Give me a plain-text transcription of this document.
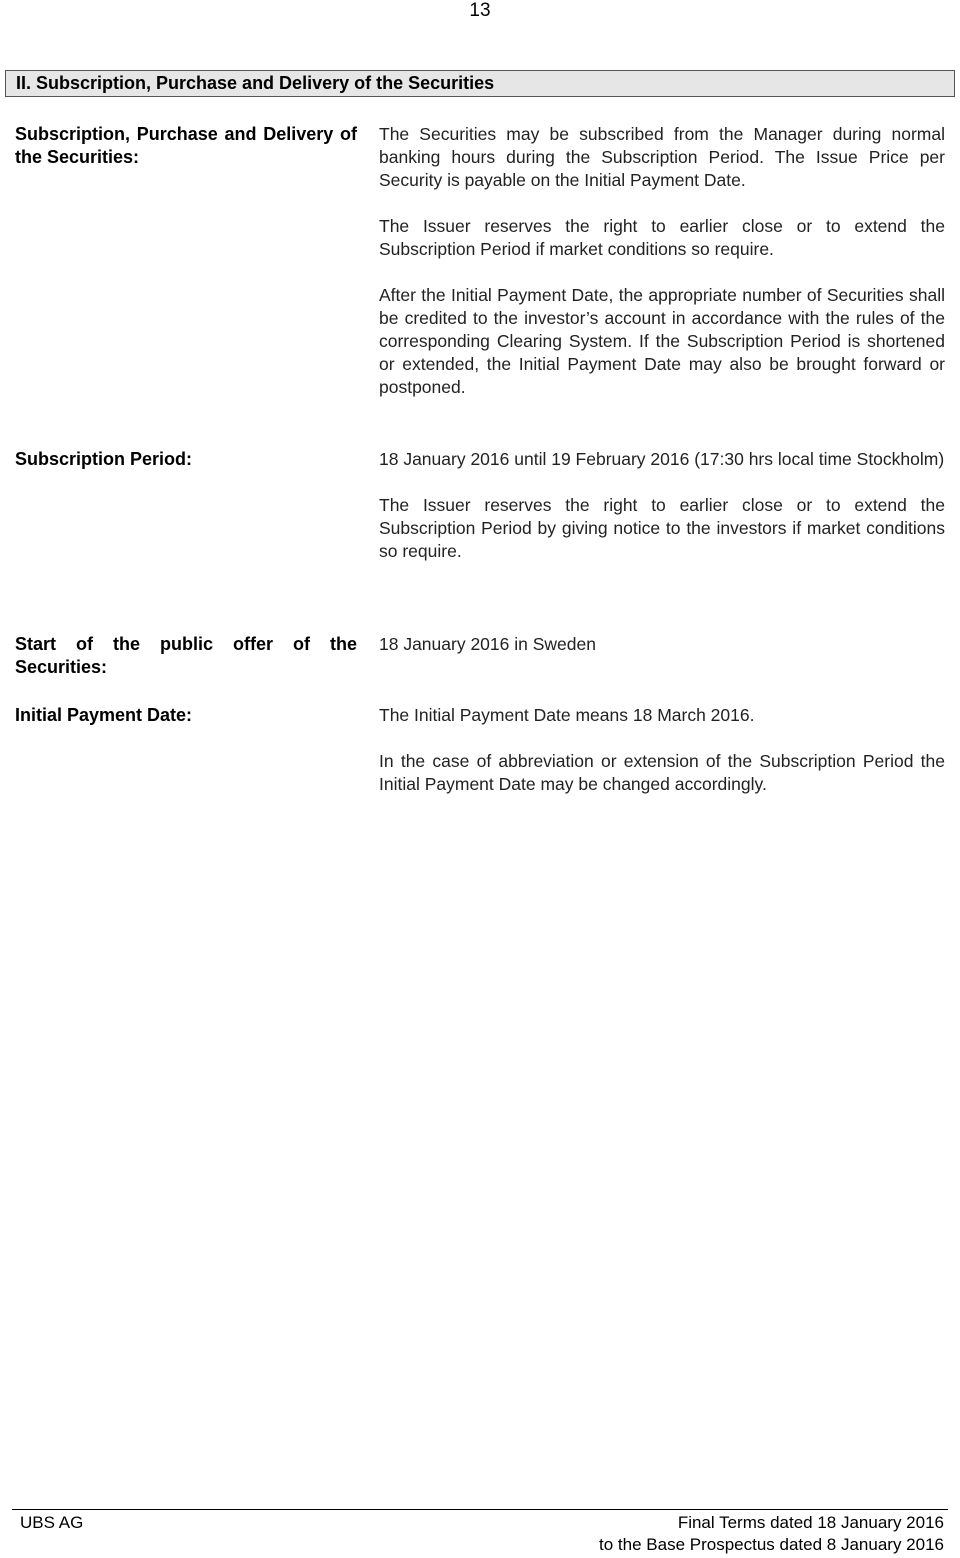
13
II. Subscription, Purchase and Delivery of the Securities
Subscription, Purchase and Delivery of the Securities:

The Securities may be subscribed from the Manager during normal banking hours during the Subscription Period. The Issue Price per Security is payable on the Initial Payment Date.

The Issuer reserves the right to earlier close or to extend the Subscription Period if market conditions so require.

After the Initial Payment Date, the appropriate number of Securities shall be credited to the investor’s account in accordance with the rules of the corresponding Clearing System. If the Subscription Period is shortened or extended, the Initial Payment Date may also be brought forward or postponed.

Subscription Period:	18 January 2016 until 19 February 2016 (17:30 hrs local time Stockholm)

The Issuer reserves the right to earlier close or to extend the Subscription Period by giving notice to the investors if market conditions so require.

Start of the public offer of the Securities:

18 January 2016 in Sweden

Initial Payment Date:	The Initial Payment Date means 18 March 2016.

In the case of abbreviation or extension of the Subscription Period the Initial Payment Date may be changed accordingly.

UBS AG	Final Terms dated 18 January 2016
to the Base Prospectus dated 8 January 2016
